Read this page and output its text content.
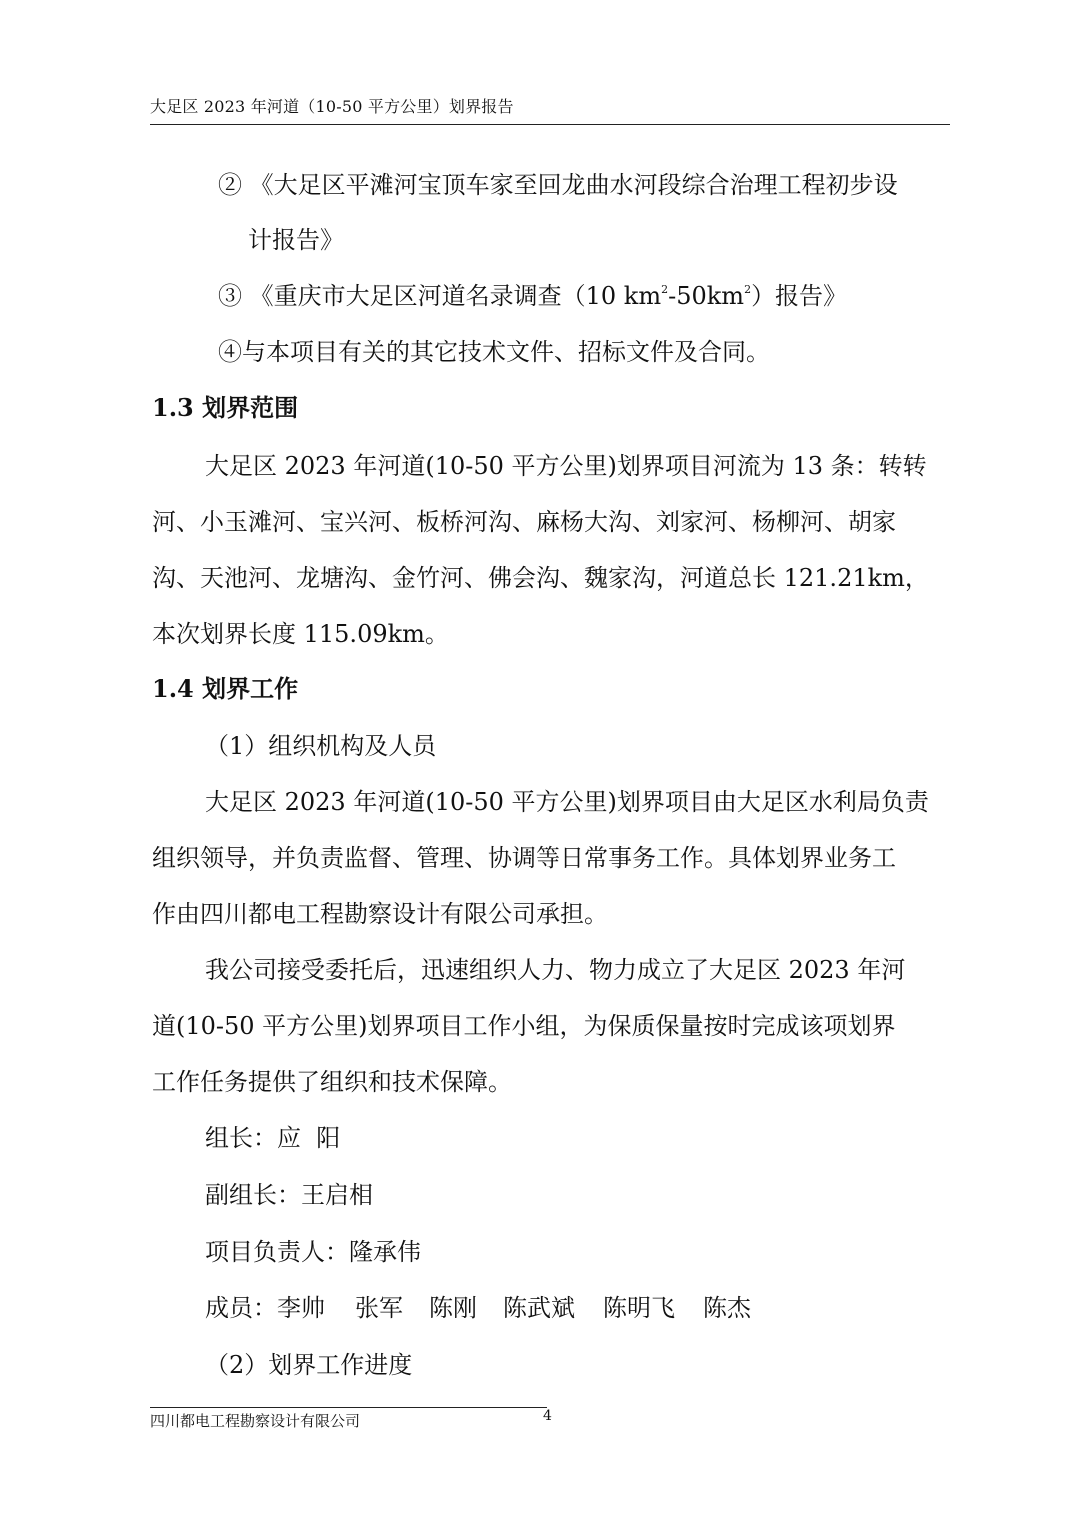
大足区 2023 年河道（10-50 平方公里）划界报告
② 《大足区平滩河宝顶车家至回龙曲水河段综合治理工程初步设
计报告》
③ 《重庆市大足区河道名录调查（10 $km^2-50km^2$）报告》
④与本项目有关的其它技术文件、招标文件及合同。
1.3 划界范围
大足区 2023 年河道(10-50 平方公里)划界项目河流为 13 条：转转
河、小玉滩河、宝兴河、板桥河沟、麻杨大沟、刘家河、杨柳河、胡家
沟、天池河、龙塘沟、金竹河、佛会沟、魏家沟，河道总长 121.21km，
本次划界长度 115.09km。
1.4 划界工作
（1）组织机构及人员
大足区 2023 年河道(10-50 平方公里)划界项目由大足区水利局负责
组织领导，并负责监督、管理、协调等日常事务工作。具体划界业务工
作由四川都电工程勘察设计有限公司承担。
我公司接受委托后，迅速组织人力、物力成立了大足区 2023 年河
道(10-50 平方公里)划界项目工作小组，为保质保量按时完成该项划界
工作任务提供了组织和技术保障。
组长：应  阳
副组长：王启相
项目负责人：隆承伟
成员：李帅 张军 陈刚 陈武斌 陈明飞 陈杰
（2）划界工作进度
四川都电工程勘察设计有限公司	4
